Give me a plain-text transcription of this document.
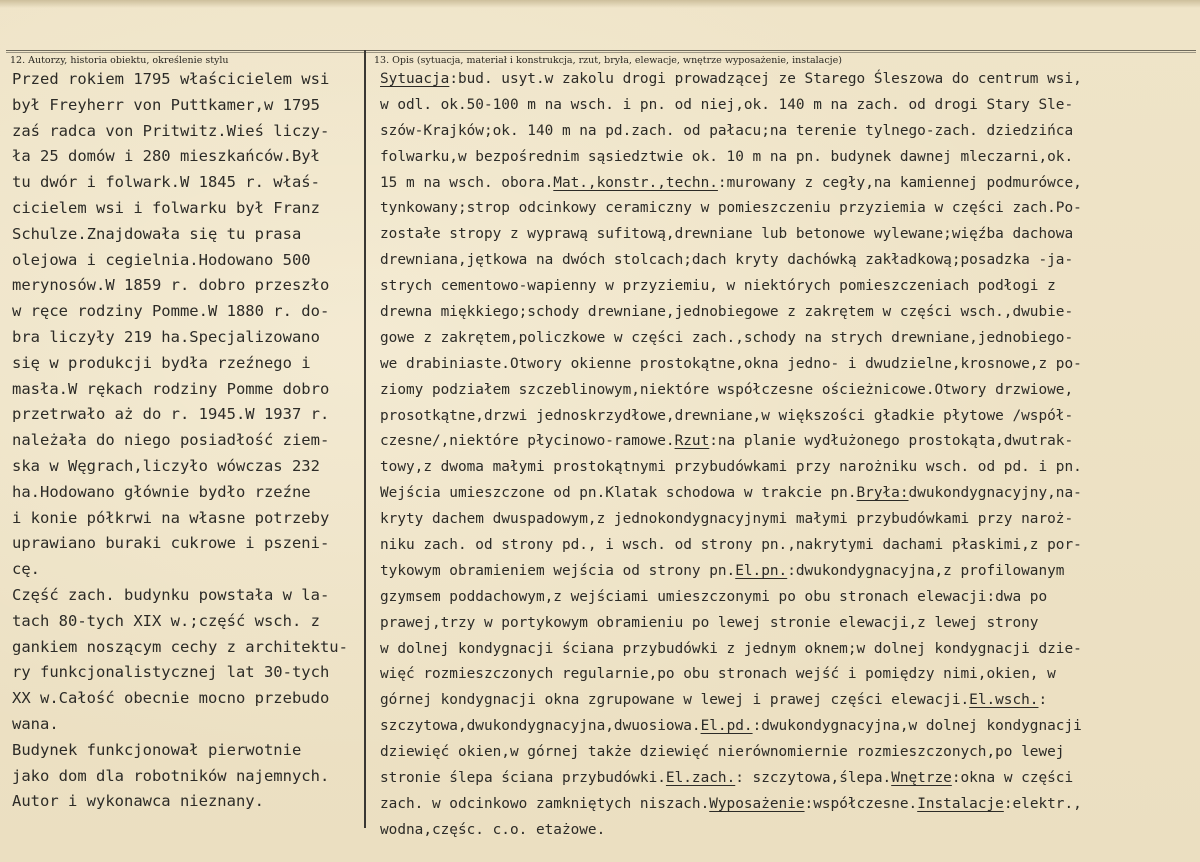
12. Autorzy, historia obiektu, określenie stylu	13. Opis (sytuacja, materiał i konstrukcja, rzut, bryła, elewacje, wnętrze wyposażenie, instalacje)
Przed rokiem 1795 właścicielem wsi
był Freyherr von Puttkamer,w 1795
zaś radca von Pritwitz.Wieś liczy-
ła 25 domów i 280 mieszkańców.Był
tu dwór i folwark.W 1845 r. właś-
cicielem wsi i folwarku był Franz
Schulze.Znajdowała się tu prasa
olejowa i cegielnia.Hodowano 500
merynosów.W 1859 r. dobro przeszło
w ręce rodziny Pomme.W 1880 r. do-
bra liczyły 219 ha.Specjalizowano
się w produkcji bydła rzeźnego i
masła.W rękach rodziny Pomme dobro
przetrwało aż do r. 1945.W 1937 r.
należała do niego posiadłość ziem-
ska w Węgrach,liczyło wówczas 232
ha.Hodowano głównie bydło rzeźne
i konie półkrwi na własne potrzeby
uprawiano buraki cukrowe i pszeni-
cę.
Część zach. budynku powstała w la-
tach 80-tych XIX w.;część wsch. z
gankiem noszącym cechy z architektu-
ry funkcjonalistycznej lat 30-tych
XX w.Całość obecnie mocno przebudo
wana.
Budynek funkcjonował pierwotnie
jako dom dla robotników najemnych.
Autor i wykonawca nieznany.
Sytuacja:bud. usyt.w zakolu drogi prowadzącej ze Starego Śleszowa do centrum wsi,
w odl. ok.50-100 m na wsch. i pn. od niej,ok. 140 m na zach. od drogi Stary Sle-
szów-Krajków;ok. 140 m na pd.zach. od pałacu;na terenie tylnego-zach. dziedzińca
folwarku,w bezpośrednim sąsiedztwie ok. 10 m na pn. budynek dawnej mleczarni,ok.
15 m na wsch. obora.Mat.,konstr.,techn.:murowany z cegły,na kamiennej podmurówce,
tynkowany;strop odcinkowy ceramiczny w pomieszczeniu przyziemia w części zach.Po-
zostałe stropy z wyprawą sufitową,drewniane lub betonowe wylewane;więźba dachowa
drewniana,jętkowa na dwóch stolcach;dach kryty dachówką zakładkową;posadzka -ja-
strych cementowo-wapienny w przyziemiu, w niektórych pomieszczeniach podłogi z
drewna miękkiego;schody drewniane,jednobiegowe z zakrętem w części wsch.,dwubie-
gowe z zakrętem,policzkowe w części zach.,schody na strych drewniane,jednobiego-
we drabiniaste.Otwory okienne prostokątne,okna jedno- i dwudzielne,krosnowe,z po-
ziomy podziałem szczeblinowym,niektóre współczesne ościeżnicowe.Otwory drzwiowe,
prosotkątne,drzwi jednoskrzydłowe,drewniane,w większości gładkie płytowe /współ-
czesne/,niektóre płycinowo-ramowe.Rzut:na planie wydłużonego prostokąta,dwutrak-
towy,z dwoma małymi prostokątnymi przybudówkami przy narożniku wsch. od pd. i pn.
Wejścia umieszczone od pn.Klatak schodowa w trakcie pn.Bryła:dwukondygnacyjny,na-
kryty dachem dwuspadowym,z jednokondygnacyjnymi małymi przybudówkami przy naroż-
niku zach. od strony pd., i wsch. od strony pn.,nakrytymi dachami płaskimi,z por-
tykowym obramieniem wejścia od strony pn.El.pn.:dwukondygnacyjna,z profilowanym
gzymsem poddachowym,z wejściami umieszczonymi po obu stronach elewacji:dwa po
prawej,trzy w portykowym obramieniu po lewej stronie elewacji,z lewej strony
w dolnej kondygnacji ściana przybudówki z jednym oknem;w dolnej kondygnacji dzie-
więć rozmieszczonych regularnie,po obu stronach wejść i pomiędzy nimi,okien, w
górnej kondygnacji okna zgrupowane w lewej i prawej części elewacji.El.wsch.:
szczytowa,dwukondygnacyjna,dwuosiowa.El.pd.:dwukondygnacyjna,w dolnej kondygnacji
dziewięć okien,w górnej także dziewięć nierównomiernie rozmieszczonych,po lewej
stronie ślepa ściana przybudówki.El.zach.: szczytowa,ślepa.Wnętrze:okna w części
zach. w odcinkowo zamkniętych niszach.Wyposażenie:współczesne.Instalacje:elektr.,
wodna,częśc. c.o. etażowe.
